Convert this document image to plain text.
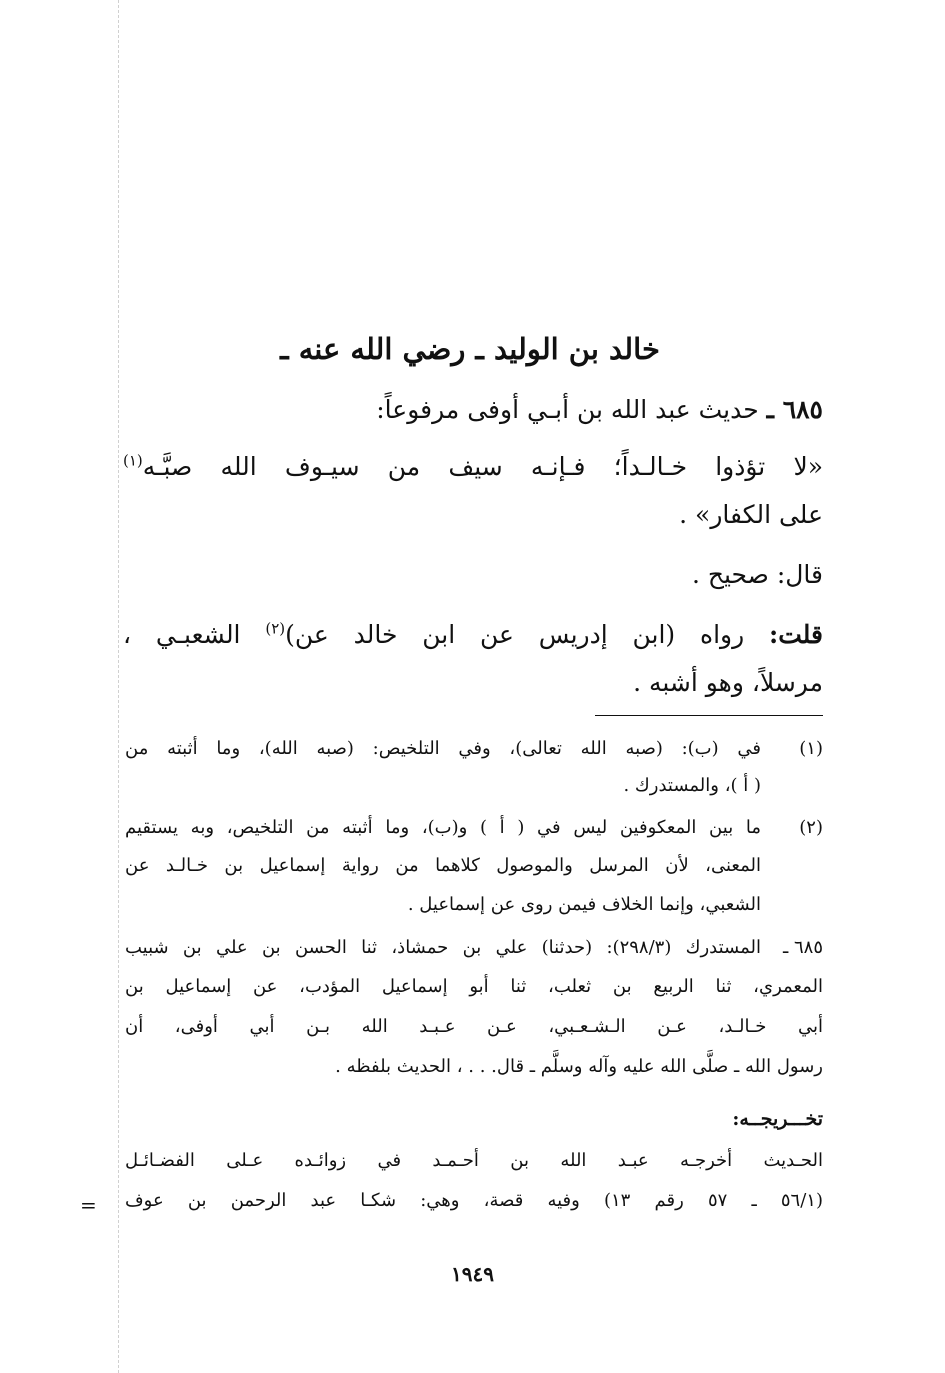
خالد بن الوليد ـ رضي الله عنه ـ
٦٨٥ ـ حديث عبد الله بن أبـي أوفى مرفوعاً:
«لا تؤذوا خـالـداً؛ فـإنـه سيف من سيـوف الله صبَّـه$^{(١)}$
على الكفار» .
قال: صحيح .
قلت: رواه (ابن إدريس عن ابن خالد عن)$^{(٢)}$ الشعبـي ،
مرسلاً، وهو أشبه .
(١)
في (ب): (صبه الله تعالى)، وفي التلخيص: (صبه الله)، وما أثبته من
( أ )، والمستدرك .
(٢)
ما بين المعكوفين ليس في ( أ ) و(ب)، وما أثبته من التلخيص، وبه يستقيم
المعنى، لأن المرسل والموصول كلاهما من رواية إسماعيل بن خـالـد عن
الشعبي، وإنما الخلاف فيمن روى عن إسماعيل .
٦٨٥ ـ
المستدرك (٢٩٨/٣): (حدثنا) علي بن حمشاذ، ثنا الحسن بن علي بن شبيب
المعمري، ثنا الربيع بن ثعلب، ثنا أبو إسماعيل المؤدب، عن إسماعيل بن
أبي خـالـد، عـن الـشـعـبي، عـن عـبـد الله بـن أبي أوفى، أن
رسول الله ـ صلَّى الله عليه وآله وسلَّم ـ قال. . . ، الحديث بلفظه .
تخـــريجــه:
الحـديث أخرجـه عبـد الله بن أحـمـد في زوائـده عـلى الفضـائـل
(٥٦/١ ـ ٥٧ رقم ١٣) وفيه قصة، وهي: شكـا عبد الرحمن بن عوف
=
١٩٤٩
